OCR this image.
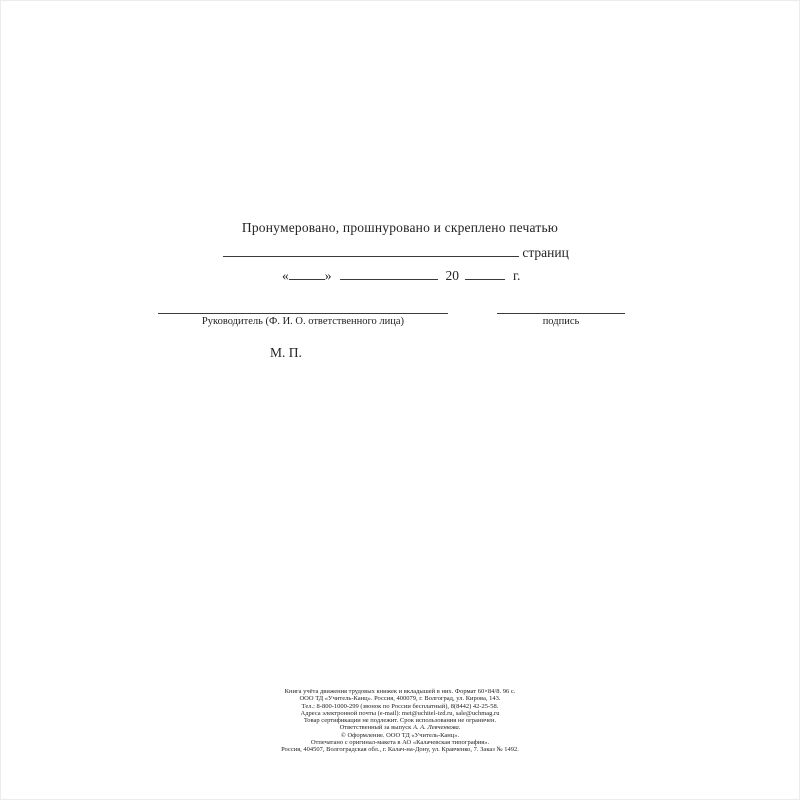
Пронумеровано, прошнуровано и скреплено печатью
страниц
«	»	20	г.
Руководитель (Ф. И. О. ответственного лица)	подпись
М. П.
Книга учёта движения трудовых книжек и вкладышей в них. Формат 60×84/8. 96 с.
ООО ТД «Учитель-Канц». Россия, 400079, г. Волгоград, ул. Кирова, 143.
Тел.: 8-800-1000-299 (звонок по России бесплатный), 8(8442) 42-25-58.
Адреса электронной почты (e-mail): met@uchitel-izd.ru, sale@uchmag.ru
Товар сертификации не подлежит. Срок использования не ограничен.
Ответственный за выпуск А. А. Левченкова.
© Оформление. ООО ТД «Учитель-Канц».
Отпечатано с оригинал-макета в АО «Калачевская типография».
Россия, 404507, Волгоградская обл., г. Калач-на-Дону, ул. Кравченко, 7. Заказ № 1492.
